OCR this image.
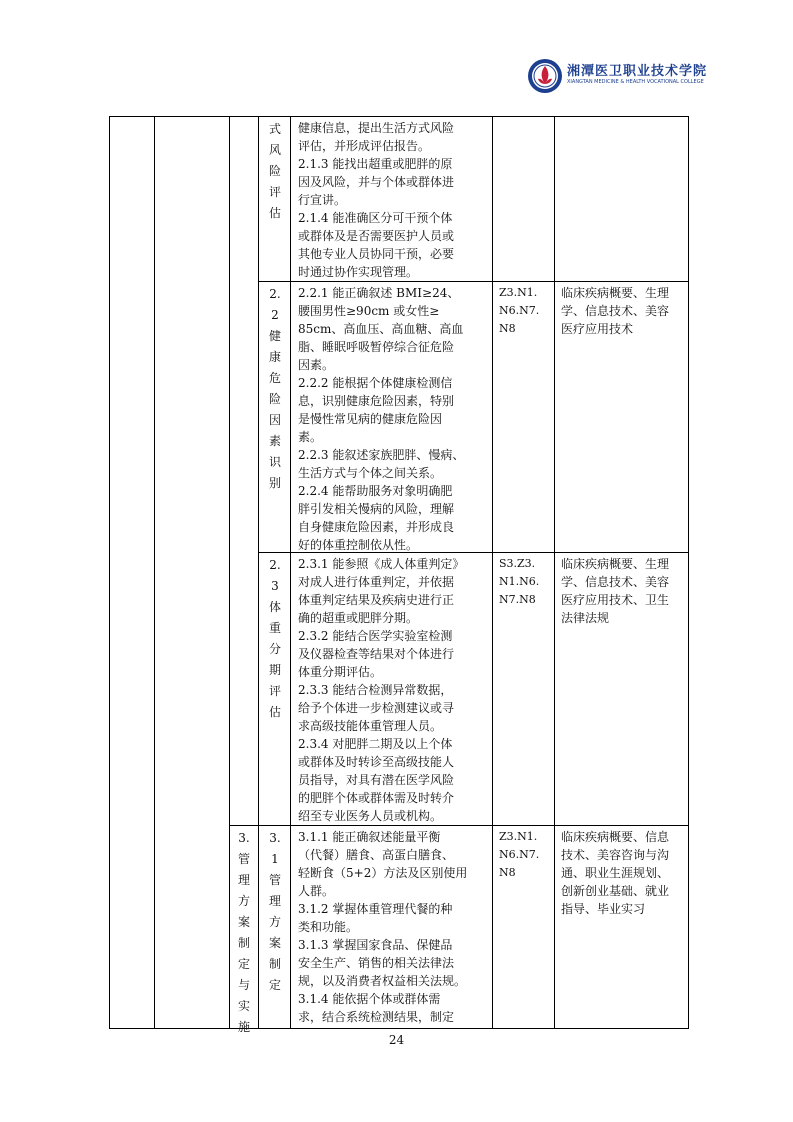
湘潭医卫职业技术学院
XIANGTAN MEDICINE & HEALTH VOCATIONAL COLLEGE
式
风
险
评
估
健康信息，提出生活方式风险
评估，并形成评估报告。
2.1.3 能找出超重或肥胖的原
因及风险，并与个体或群体进
行宣讲。
2.1.4 能准确区分可干预个体
或群体及是否需要医护人员或
其他专业人员协同干预，必要
时通过协作实现管理。
2.
2
健
康
危
险
因
素
识
别
2.2.1 能正确叙述 BMI≥24、
腰围男性≥90cm 或女性≥
85cm、高血压、高血糖、高血
脂、睡眠呼吸暂停综合征危险
因素。
2.2.2 能根据个体健康检测信
息，识别健康危险因素，特别
是慢性常见病的健康危险因
素。
2.2.3 能叙述家族肥胖、慢病、
生活方式与个体之间关系。
2.2.4 能帮助服务对象明确肥
胖引发相关慢病的风险，理解
自身健康危险因素，并形成良
好的体重控制依从性。
Z3.N1.
N6.N7.
N8
临床疾病概要、生理
学、信息技术、美容
医疗应用技术
2.
3
体
重
分
期
评
估
2.3.1 能参照《成人体重判定》
对成人进行体重判定，并依据
体重判定结果及疾病史进行正
确的超重或肥胖分期。
2.3.2 能结合医学实验室检测
及仪器检查等结果对个体进行
体重分期评估。
2.3.3 能结合检测异常数据，
给予个体进一步检测建议或寻
求高级技能体重管理人员。
2.3.4 对肥胖二期及以上个体
或群体及时转诊至高级技能人
员指导，对具有潜在医学风险
的肥胖个体或群体需及时转介
绍至专业医务人员或机构。
S3.Z3.
N1.N6.
N7.N8
临床疾病概要、生理
学、信息技术、美容
医疗应用技术、卫生
法律法规
3.
管
理
方
案
制
定
与
实
施
3.
1
管
理
方
案
制
定
3.1.1 能正确叙述能量平衡
（代餐）膳食、高蛋白膳食、
轻断食（5+2）方法及区别使用
人群。
3.1.2 掌握体重管理代餐的种
类和功能。
3.1.3 掌握国家食品、保健品
安全生产、销售的相关法律法
规，以及消费者权益相关法规。
3.1.4 能依据个体或群体需
求，结合系统检测结果，制定
Z3.N1.
N6.N7.
N8
临床疾病概要、信息
技术、美容咨询与沟
通、职业生涯规划、
创新创业基础、就业
指导、毕业实习
24
